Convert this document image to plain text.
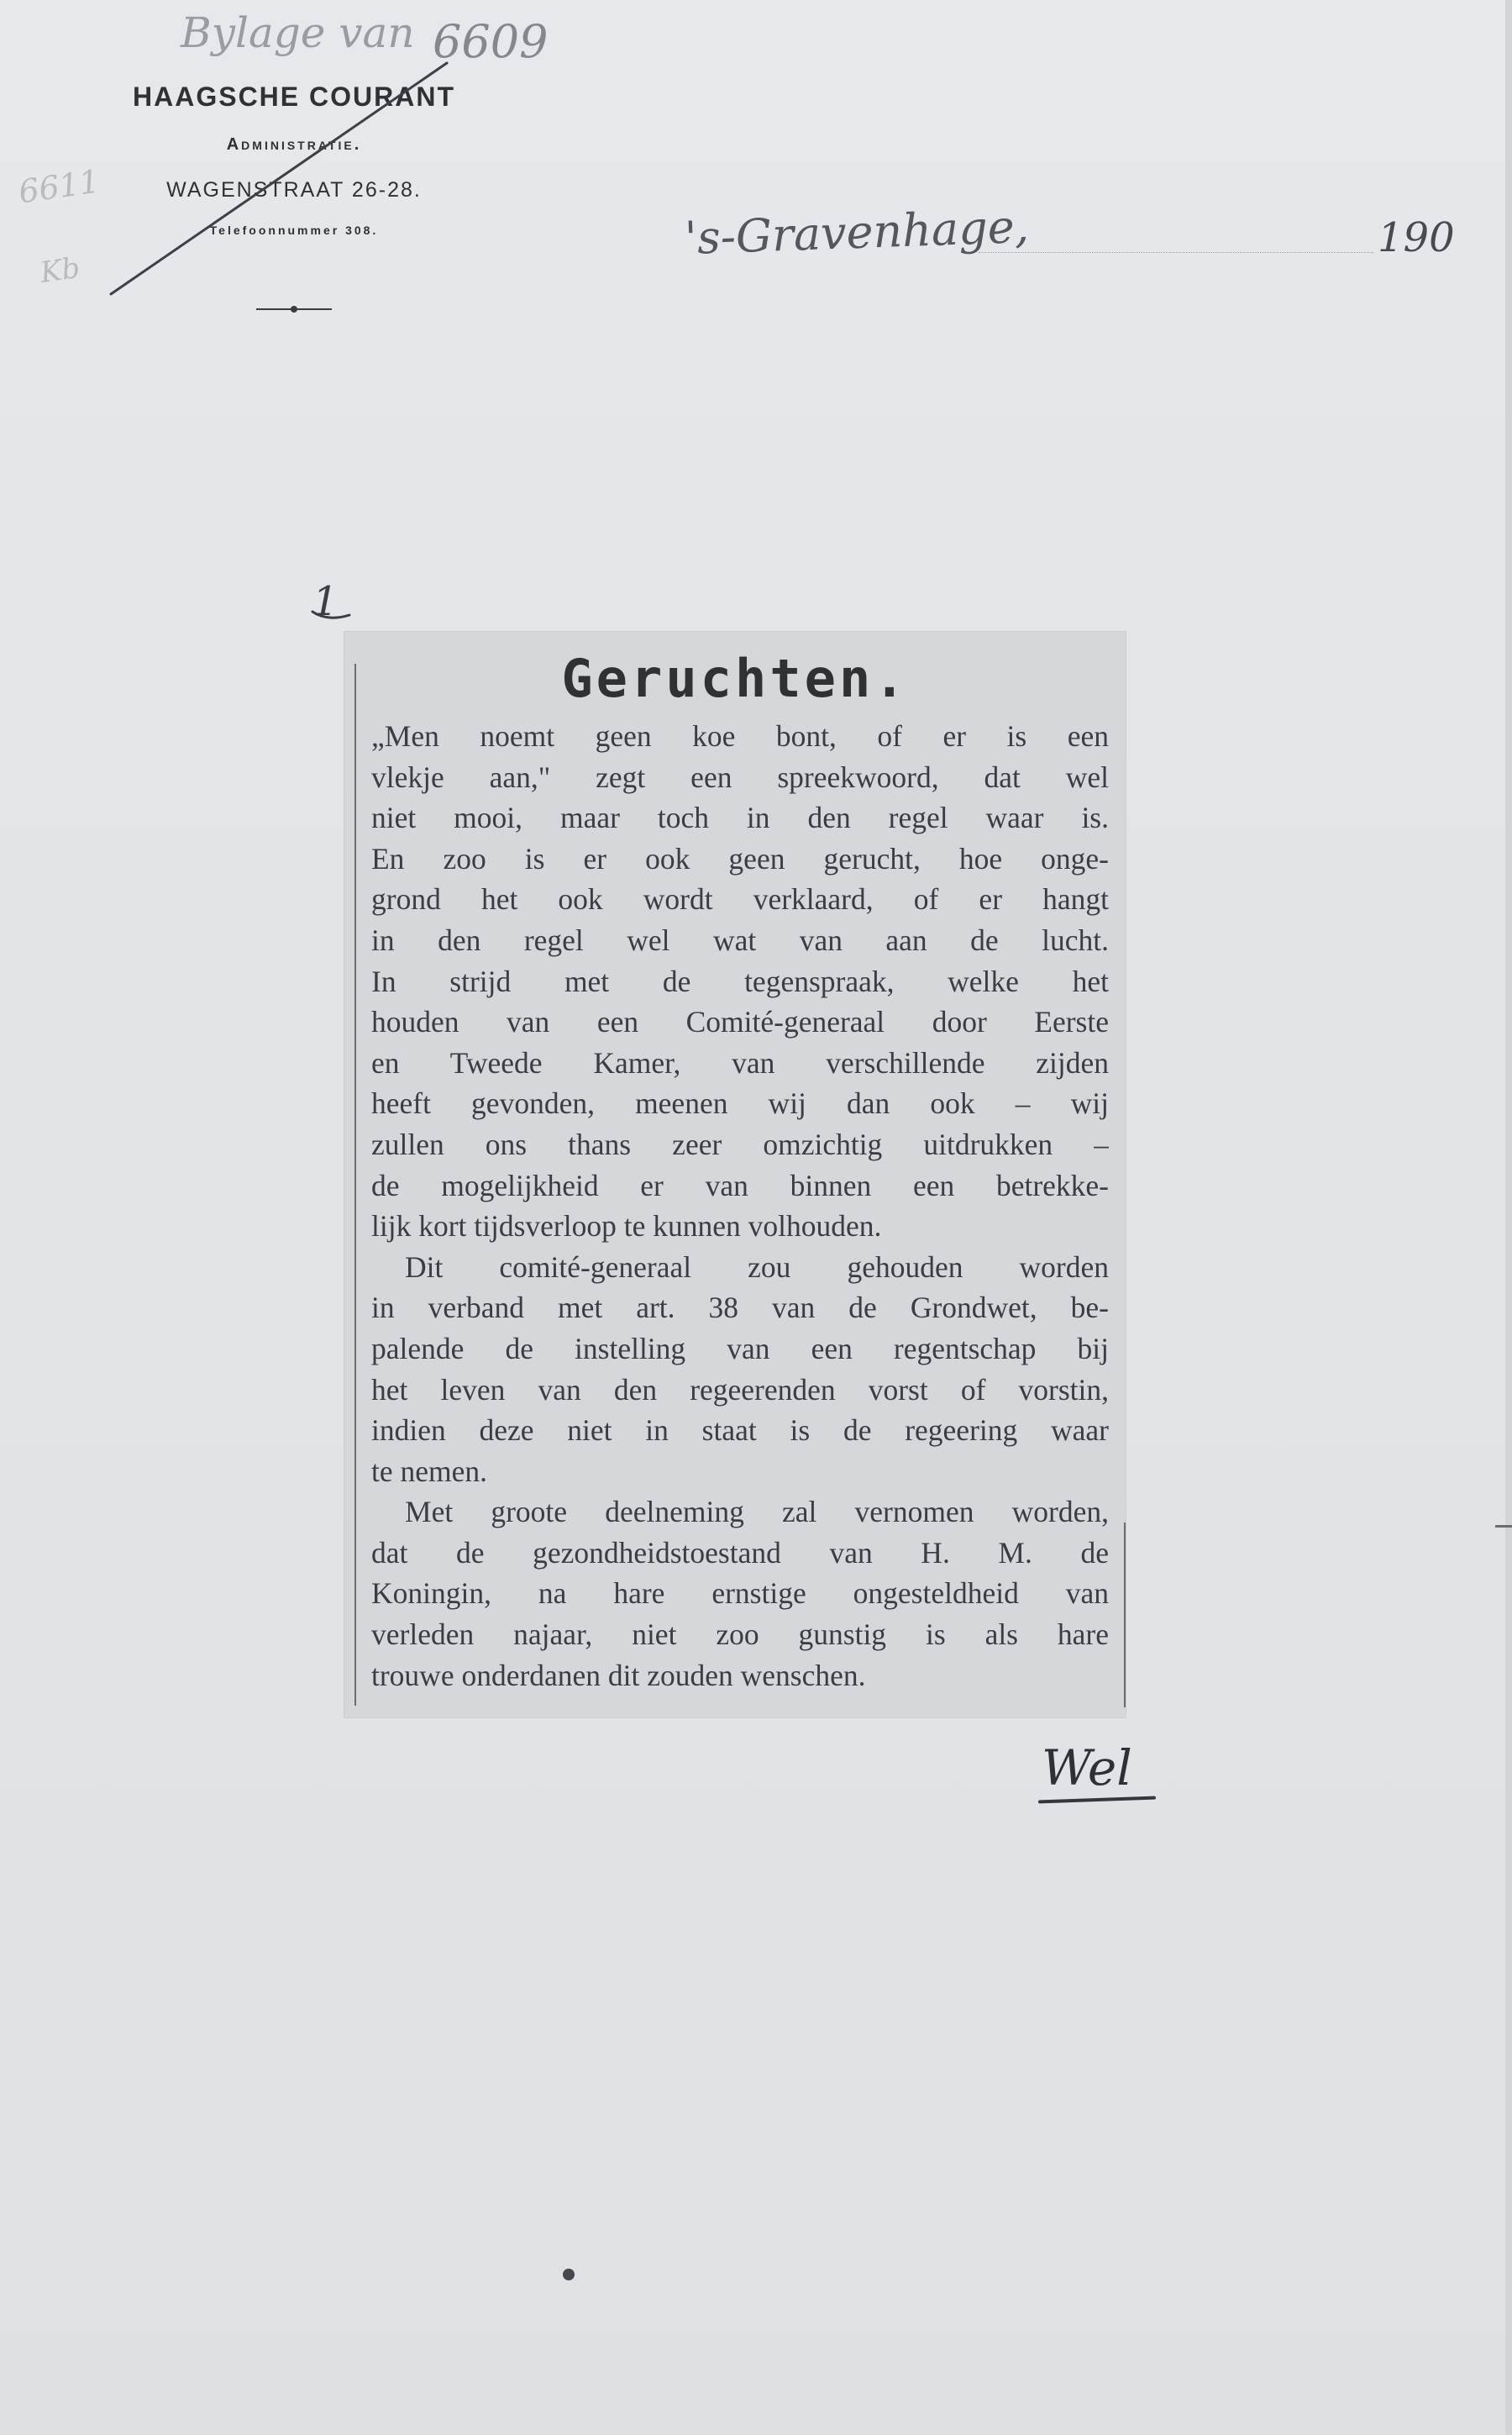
Bylage van 6609
6611
Kb
HAAGSCHE COURANT
Administratie.
WAGENSTRAAT 26-28.
Telefoonnummer 308.	's-Gravenhage,	190
1
Geruchten.
„Men noemt geen koe bont, of er is een
vlekje aan," zegt een spreekwoord, dat wel
niet mooi, maar toch in den regel waar is.
En zoo is er ook geen gerucht, hoe onge-
grond het ook wordt verklaard, of er hangt
in den regel wel wat van aan de lucht.
In strijd met de tegenspraak, welke het
houden van een Comité-generaal door Eerste
en Tweede Kamer, van verschillende zijden
heeft gevonden, meenen wij dan ook – wij
zullen ons thans zeer omzichtig uitdrukken –
de mogelijkheid er van binnen een betrekke-
lijk kort tijdsverloop te kunnen volhouden.
Dit comité-generaal zou gehouden worden
in verband met art. 38 van de Grondwet, be-
palende de instelling van een regentschap bij
het leven van den regeerenden vorst of vorstin,
indien deze niet in staat is de regeering waar
te nemen.
Met groote deelneming zal vernomen worden,
dat de gezondheidstoestand van H. M. de
Koningin, na hare ernstige ongesteldheid van
verleden najaar, niet zoo gunstig is als hare
trouwe onderdanen dit zouden wenschen.
Wel
